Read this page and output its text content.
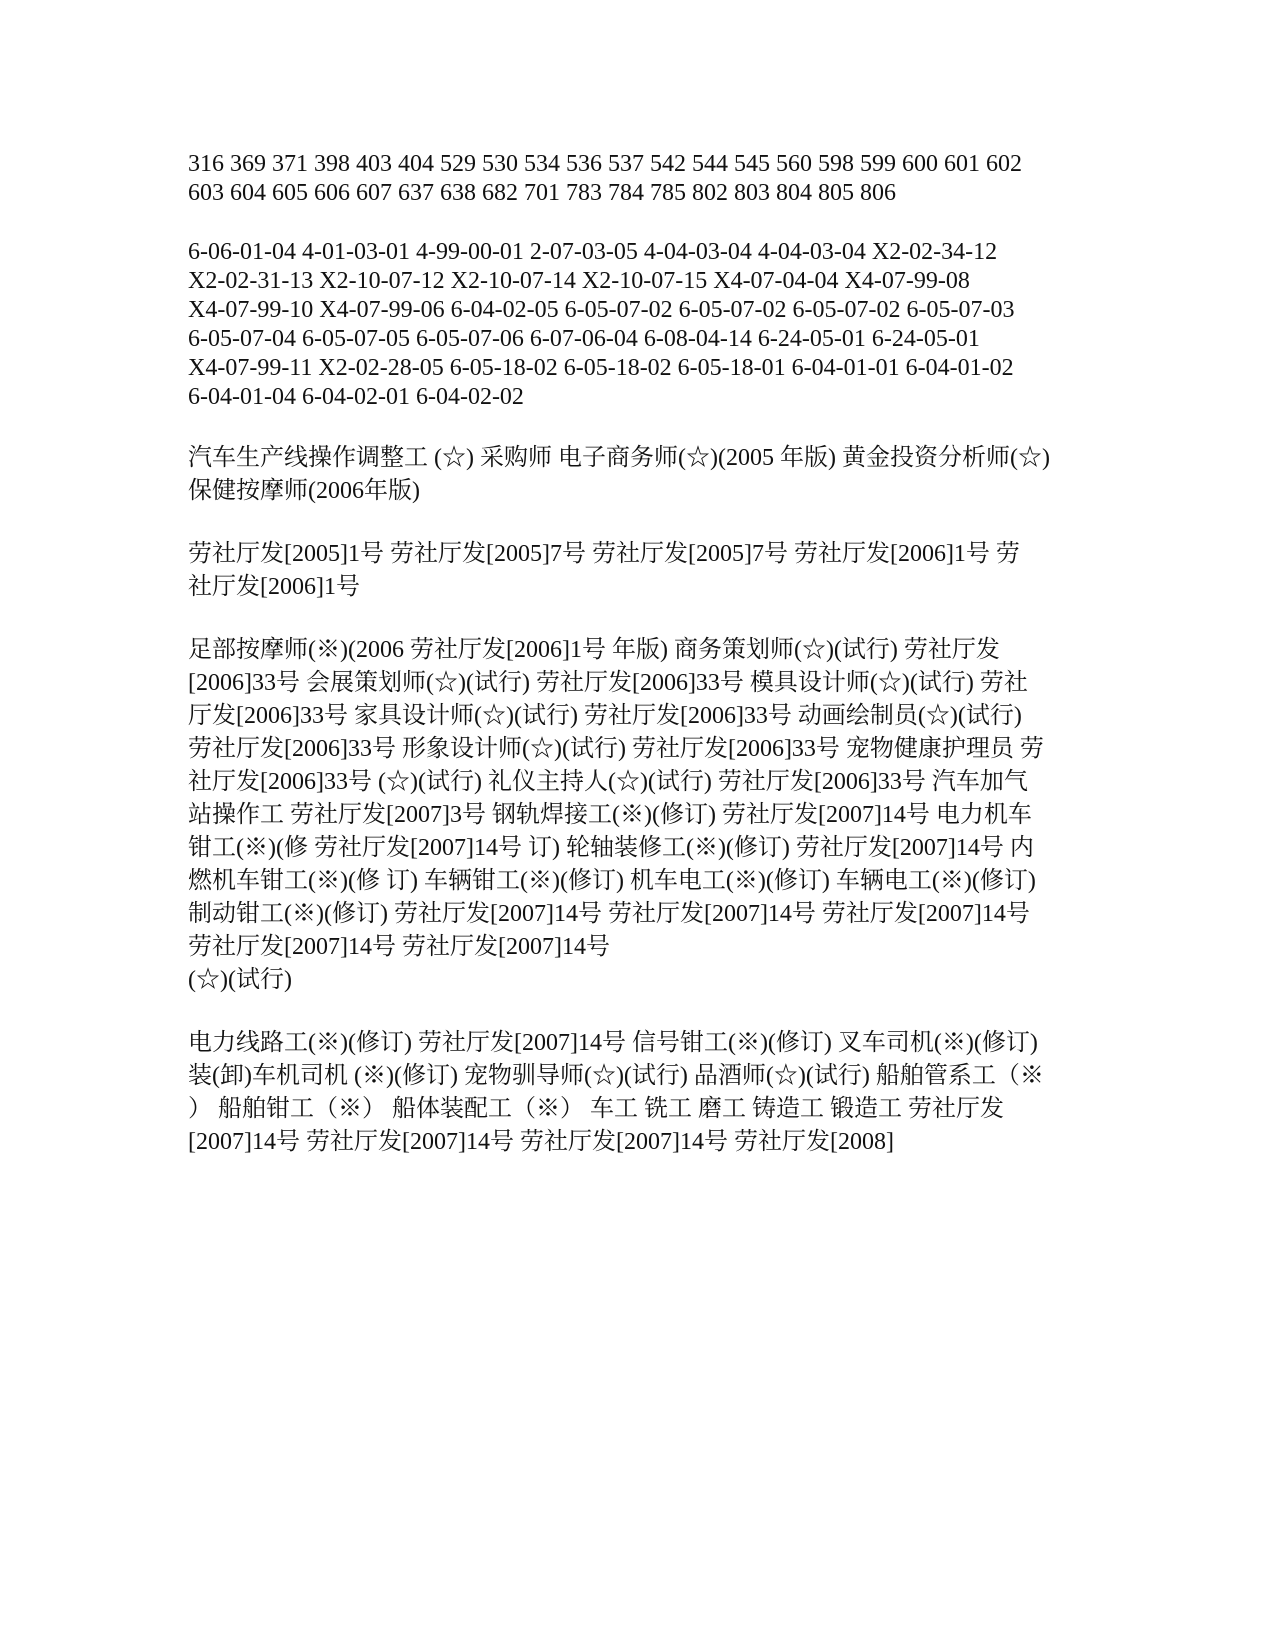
316 369 371 398 403 404 529 530 534 536 537 542 544 545 560 598 599 600 601 602
603 604 605 606 607 637 638 682 701 783 784 785 802 803 804 805 806

6-06-01-04 4-01-03-01 4-99-00-01 2-07-03-05 4-04-03-04 4-04-03-04 X2-02-34-12
X2-02-31-13 X2-10-07-12 X2-10-07-14 X2-10-07-15 X4-07-04-04 X4-07-99-08
X4-07-99-10 X4-07-99-06 6-04-02-05 6-05-07-02 6-05-07-02 6-05-07-02 6-05-07-03
6-05-07-04 6-05-07-05 6-05-07-06 6-07-06-04 6-08-04-14 6-24-05-01 6-24-05-01
X4-07-99-11 X2-02-28-05 6-05-18-02 6-05-18-02 6-05-18-01 6-04-01-01 6-04-01-02
6-04-01-04 6-04-02-01 6-04-02-02

汽车生产线操作调整工 (☆) 采购师 电子商务师(☆)(2005 年版) 黄金投资分析师(☆)
保健按摩师(2006年版)

劳社厅发[2005]1号 劳社厅发[2005]7号 劳社厅发[2005]7号 劳社厅发[2006]1号 劳
社厅发[2006]1号

足部按摩师(※)(2006 劳社厅发[2006]1号 年版) 商务策划师(☆)(试行) 劳社厅发
[2006]33号 会展策划师(☆)(试行) 劳社厅发[2006]33号 模具设计师(☆)(试行) 劳社
厅发[2006]33号 家具设计师(☆)(试行) 劳社厅发[2006]33号 动画绘制员(☆)(试行)
劳社厅发[2006]33号 形象设计师(☆)(试行) 劳社厅发[2006]33号 宠物健康护理员 劳
社厅发[2006]33号 (☆)(试行) 礼仪主持人(☆)(试行) 劳社厅发[2006]33号 汽车加气
站操作工 劳社厅发[2007]3号 钢轨焊接工(※)(修订) 劳社厅发[2007]14号 电力机车
钳工(※)(修 劳社厅发[2007]14号 订) 轮轴装修工(※)(修订) 劳社厅发[2007]14号 内
燃机车钳工(※)(修 订) 车辆钳工(※)(修订) 机车电工(※)(修订) 车辆电工(※)(修订)
制动钳工(※)(修订) 劳社厅发[2007]14号 劳社厅发[2007]14号 劳社厅发[2007]14号
劳社厅发[2007]14号 劳社厅发[2007]14号
(☆)(试行)

电力线路工(※)(修订) 劳社厅发[2007]14号 信号钳工(※)(修订) 叉车司机(※)(修订)
装(卸)车机司机 (※)(修订) 宠物驯导师(☆)(试行) 品酒师(☆)(试行) 船舶管系工（※
） 船舶钳工（※） 船体装配工（※） 车工 铣工 磨工 铸造工 锻造工 劳社厅发
[2007]14号 劳社厅发[2007]14号 劳社厅发[2007]14号 劳社厅发[2008]
